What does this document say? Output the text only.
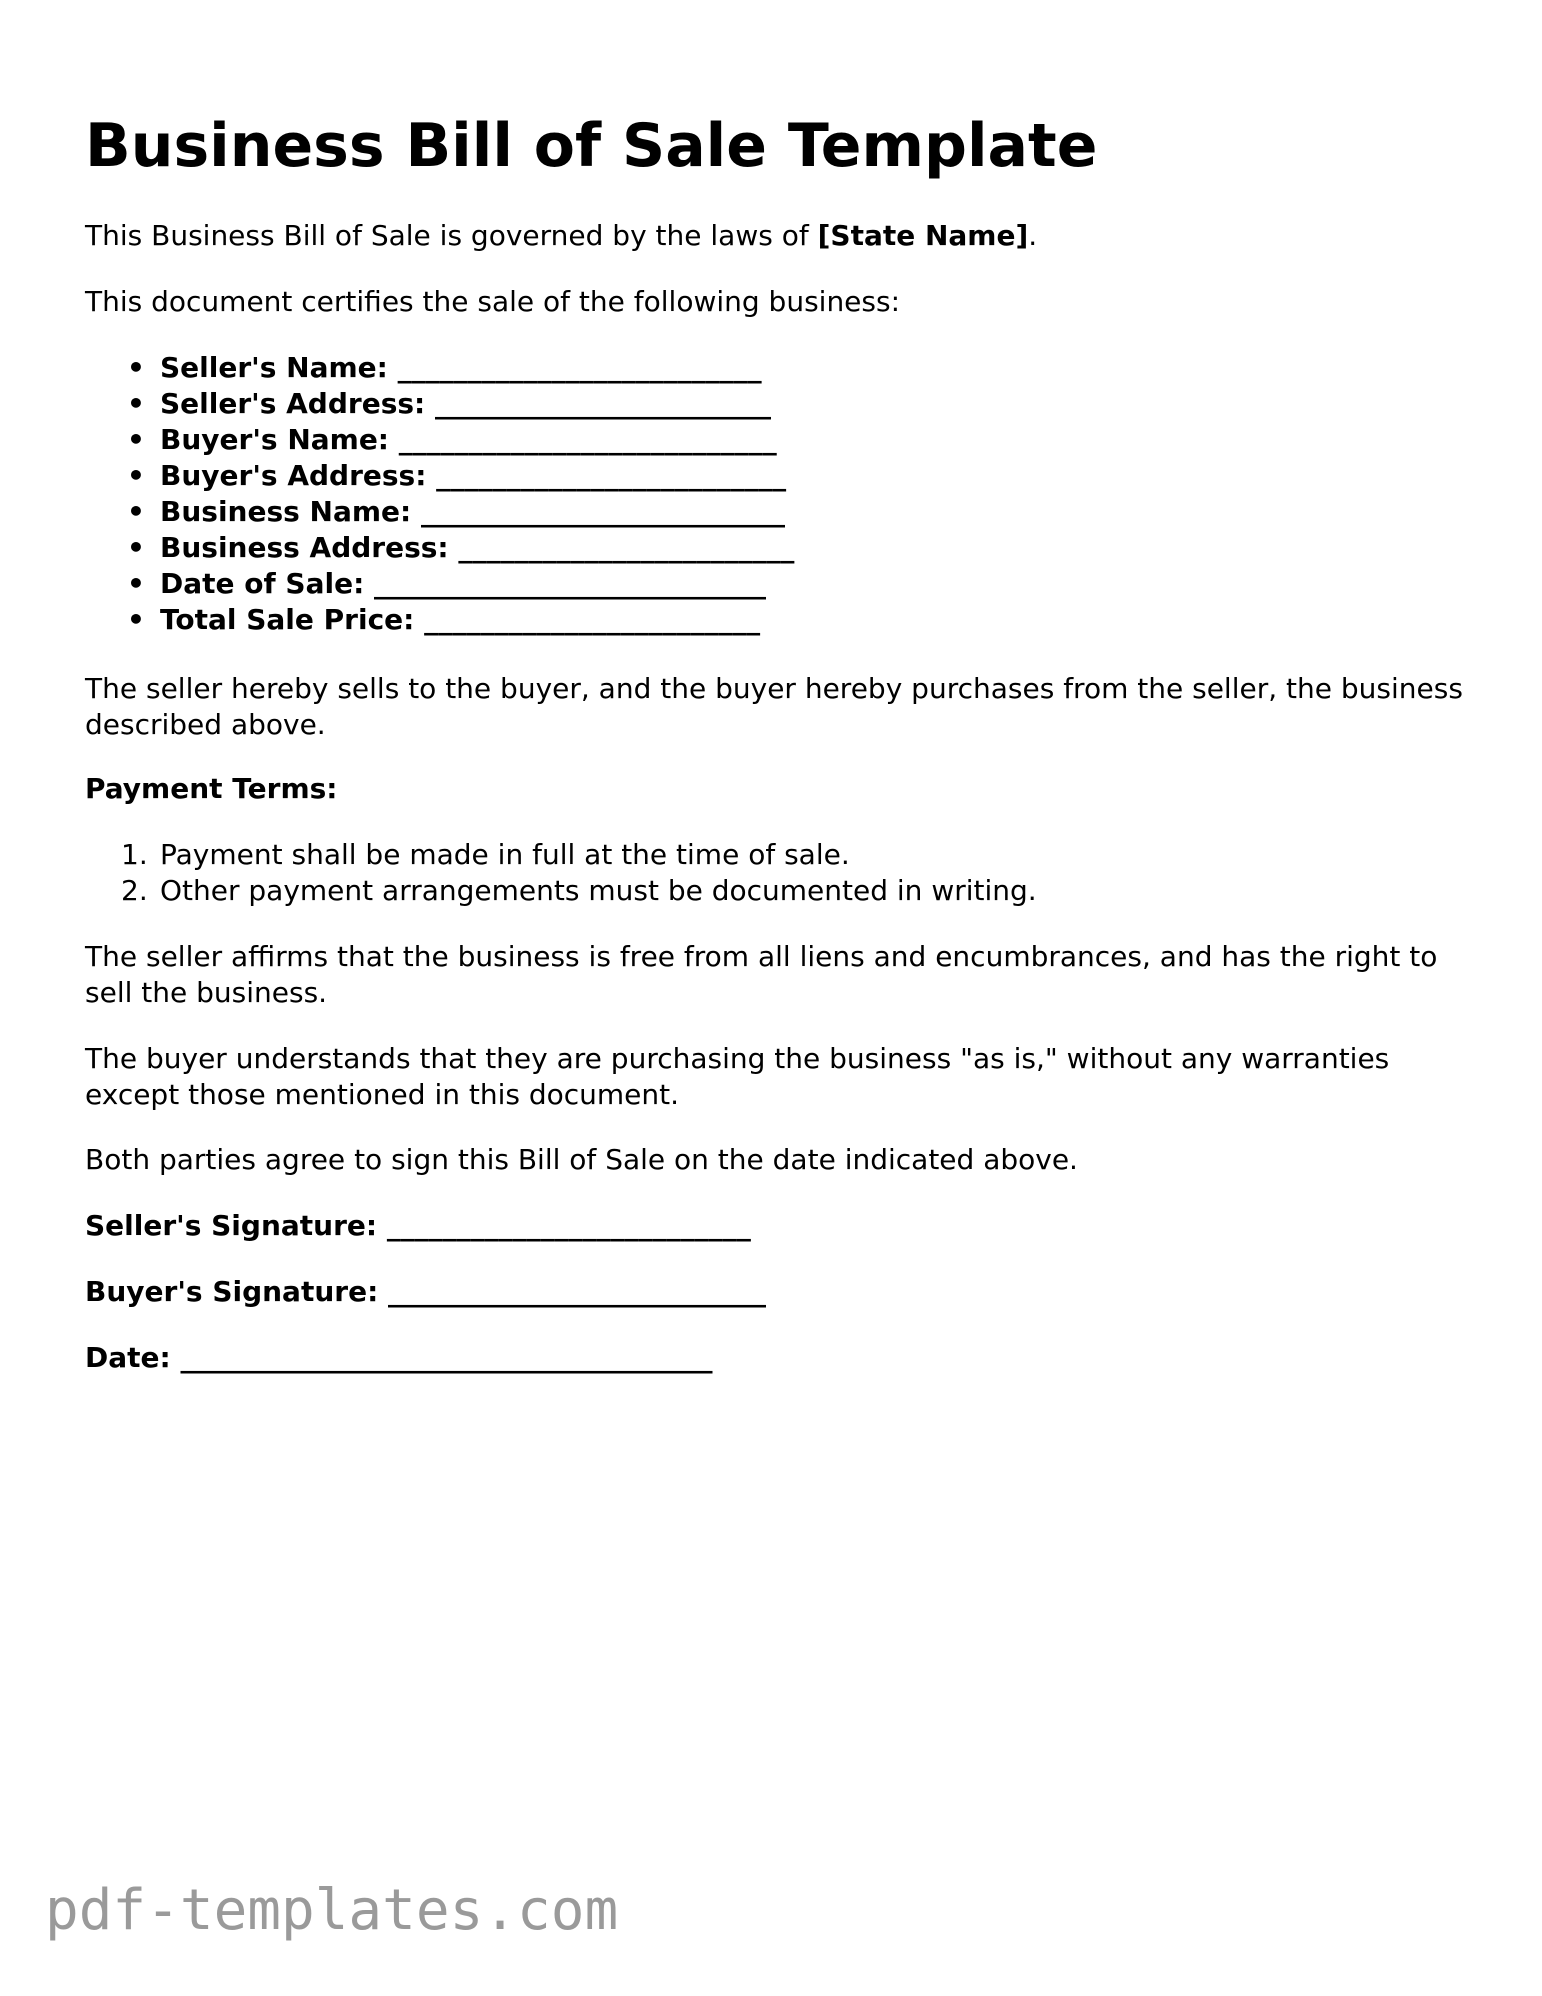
Business Bill of Sale Template

This Business Bill of Sale is governed by the laws of [State Name].

This document certifies the sale of the following business:

• Seller's Name: __________________________
• Seller's Address: ________________________
• Buyer's Name: ___________________________
• Buyer's Address: _________________________
• Business Name: __________________________
• Business Address: ________________________
• Date of Sale: ____________________________
• Total Sale Price: ________________________

The seller hereby sells to the buyer, and the buyer hereby purchases from the seller, the business described above.

Payment Terms:

1. Payment shall be made in full at the time of sale.
2. Other payment arrangements must be documented in writing.

The seller affirms that the business is free from all liens and encumbrances, and has the right to sell the business.

The buyer understands that they are purchasing the business "as is," without any warranties except those mentioned in this document.

Both parties agree to sign this Bill of Sale on the date indicated above.

Seller's Signature: __________________________

Buyer's Signature: ___________________________

Date: ______________________________________

pdf-templates.com
